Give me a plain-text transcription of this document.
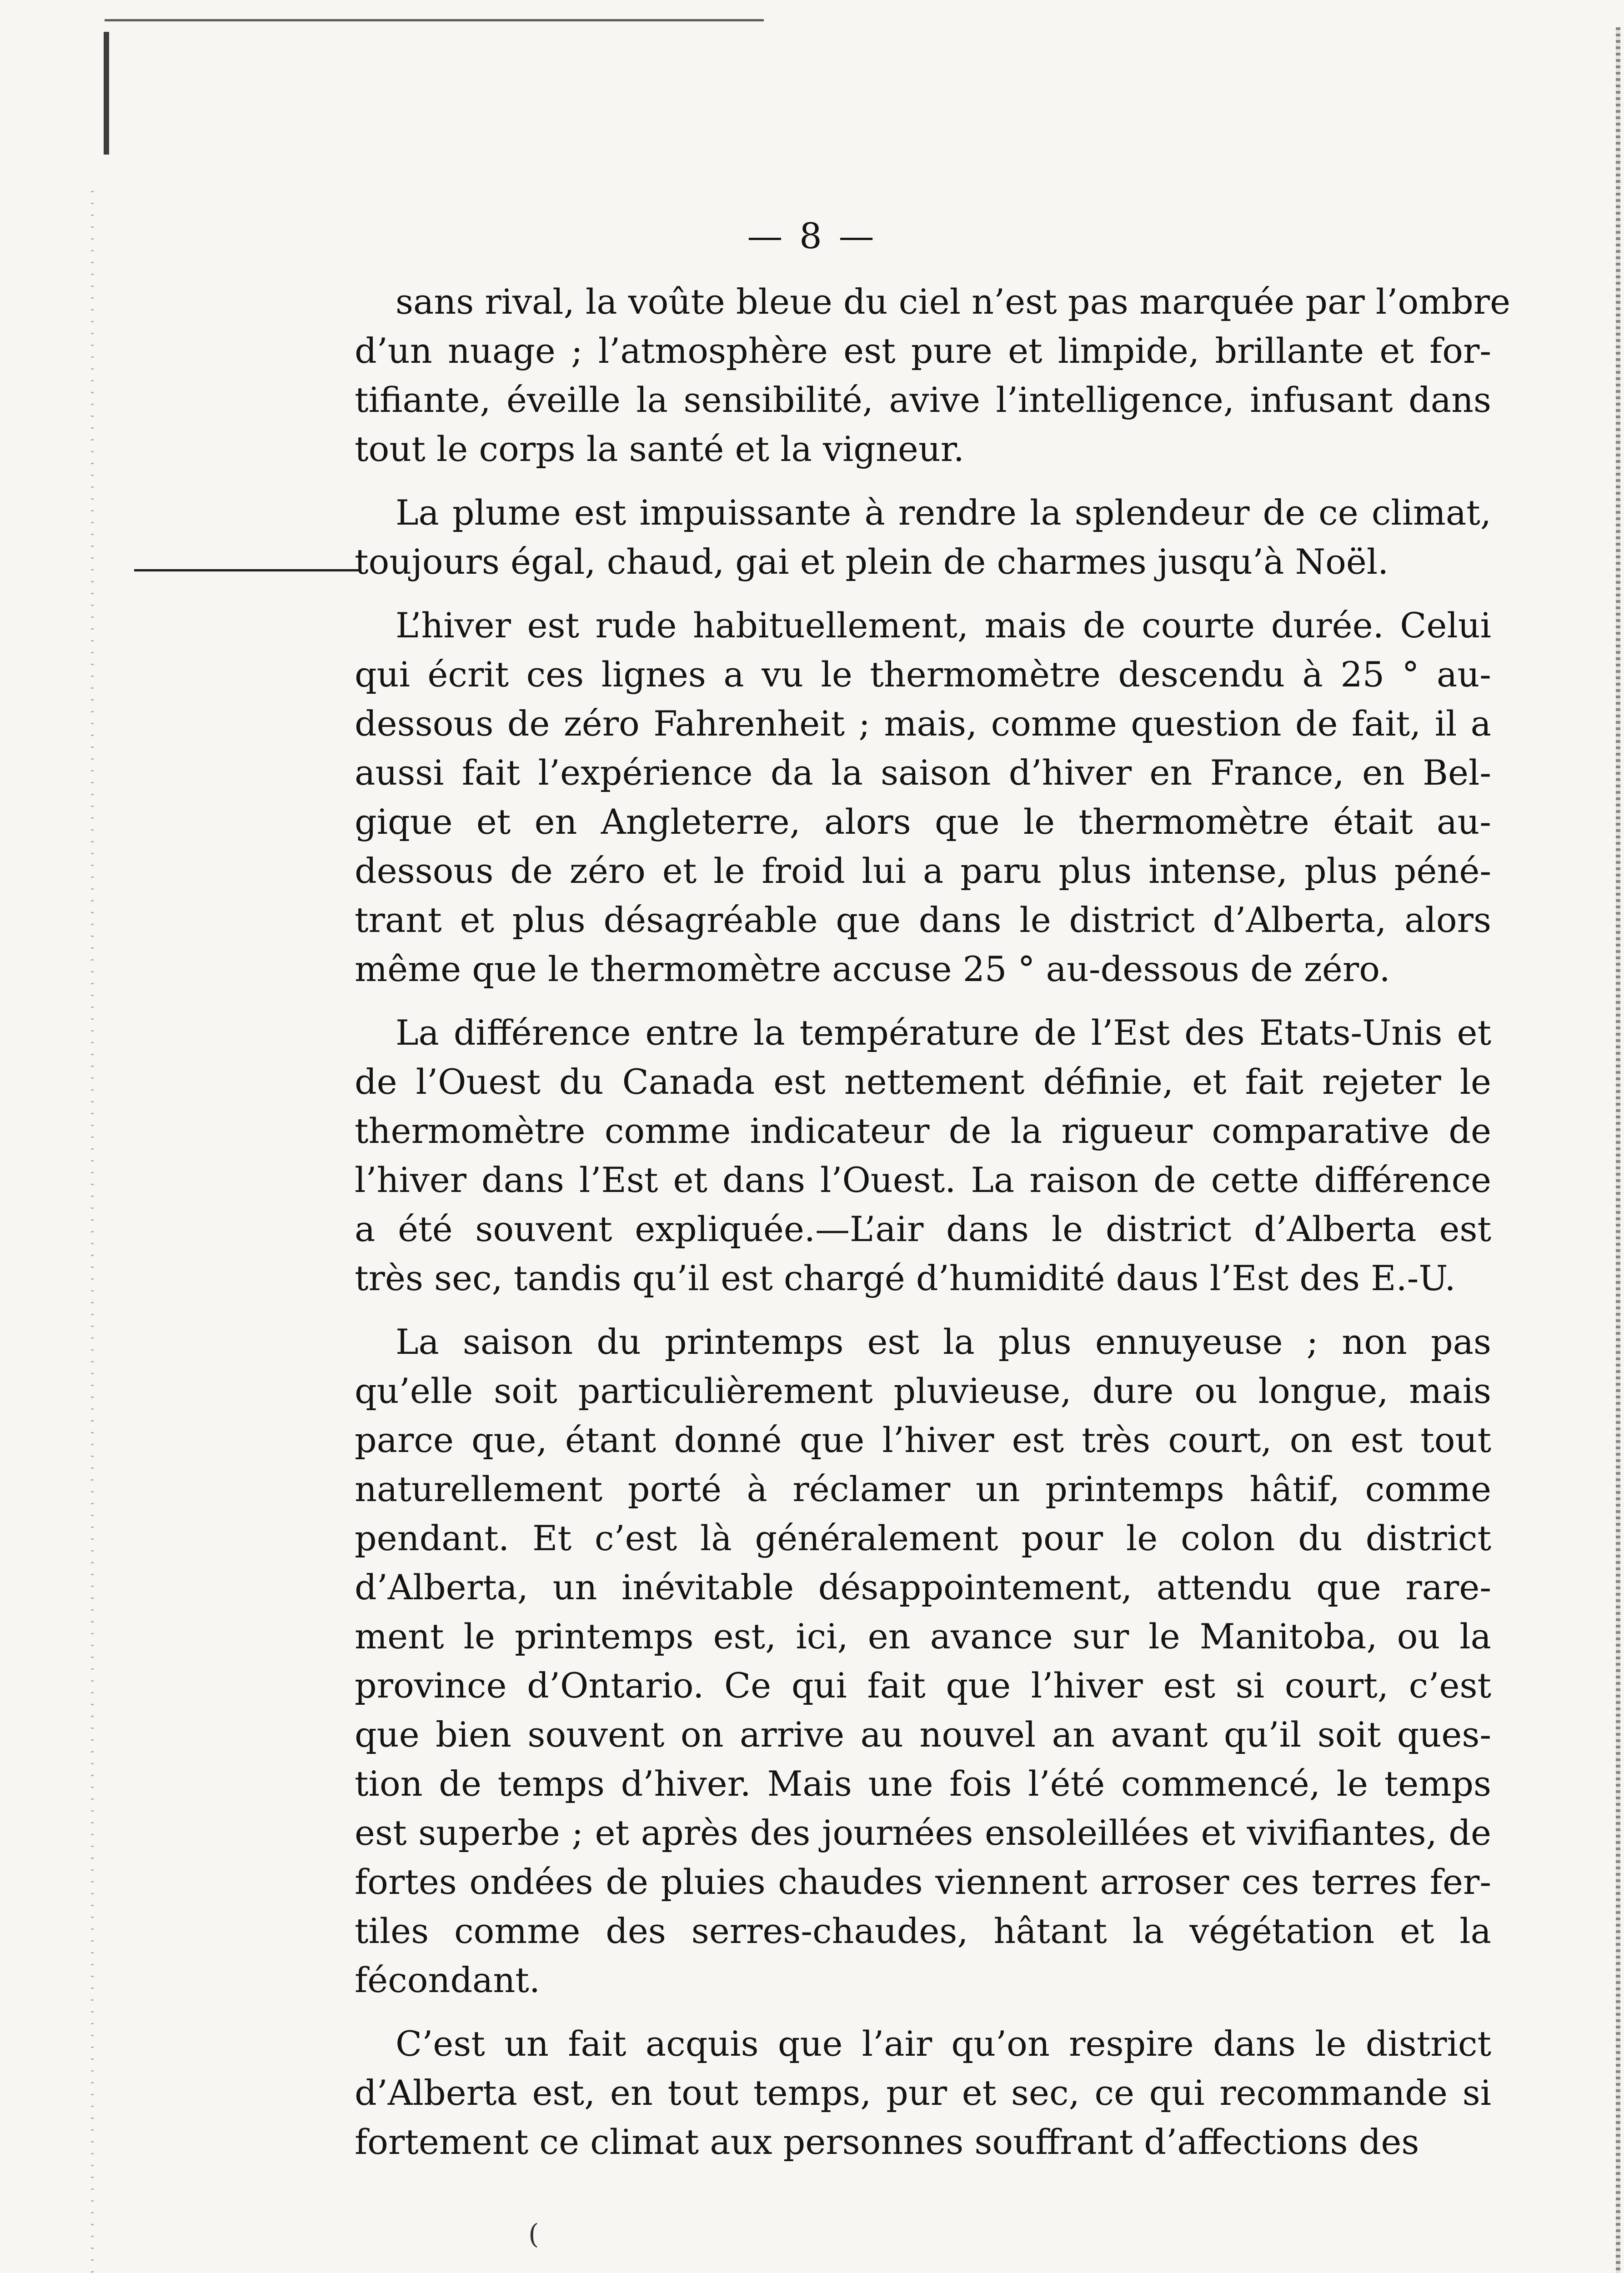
— 8 —
sans rival, la voûte bleue du ciel n’est pas marquée par l’ombre
d’un nuage ; l’atmosphère est pure et limpide, brillante et for-
tifiante, éveille la sensibilité, avive l’intelligence, infusant dans
tout le corps la santé et la vigneur.
La plume est impuissante à rendre la splendeur de ce climat,
toujours égal, chaud, gai et plein de charmes jusqu’à Noël.
L’hiver est rude habituellement, mais de courte durée. Celui
qui écrit ces lignes a vu le thermomètre descendu à 25 ° au-
dessous de zéro Fahrenheit ; mais, comme question de fait, il a
aussi fait l’expérience da la saison d’hiver en France, en Bel-
gique et en Angleterre, alors que le thermomètre était au-
dessous de zéro et le froid lui a paru plus intense, plus péné-
trant et plus désagréable que dans le district d’Alberta, alors
même que le thermomètre accuse 25 ° au-dessous de zéro.
La différence entre la température de l’Est des Etats-Unis et
de l’Ouest du Canada est nettement définie, et fait rejeter le
thermomètre comme indicateur de la rigueur comparative de
l’hiver dans l’Est et dans l’Ouest. La raison de cette différence
a été souvent expliquée.—L’air dans le district d’Alberta est
très sec, tandis qu’il est chargé d’humidité daus l’Est des E.-U.
La saison du printemps est la plus ennuyeuse ; non pas
qu’elle soit particulièrement pluvieuse, dure ou longue, mais
parce que, étant donné que l’hiver est très court, on est tout
naturellement porté à réclamer un printemps hâtif, comme
pendant. Et c’est là généralement pour le colon du district
d’Alberta, un inévitable désappointement, attendu que rare-
ment le printemps est, ici, en avance sur le Manitoba, ou la
province d’Ontario. Ce qui fait que l’hiver est si court, c’est
que bien souvent on arrive au nouvel an avant qu’il soit ques-
tion de temps d’hiver. Mais une fois l’été commencé, le temps
est superbe ; et après des journées ensoleillées et vivifiantes, de
fortes ondées de pluies chaudes viennent arroser ces terres fer-
tiles comme des serres-chaudes, hâtant la végétation et la
fécondant.
C’est un fait acquis que l’air qu’on respire dans le district
d’Alberta est, en tout temps, pur et sec, ce qui recommande si
fortement ce climat aux personnes souffrant d’affections des
(
